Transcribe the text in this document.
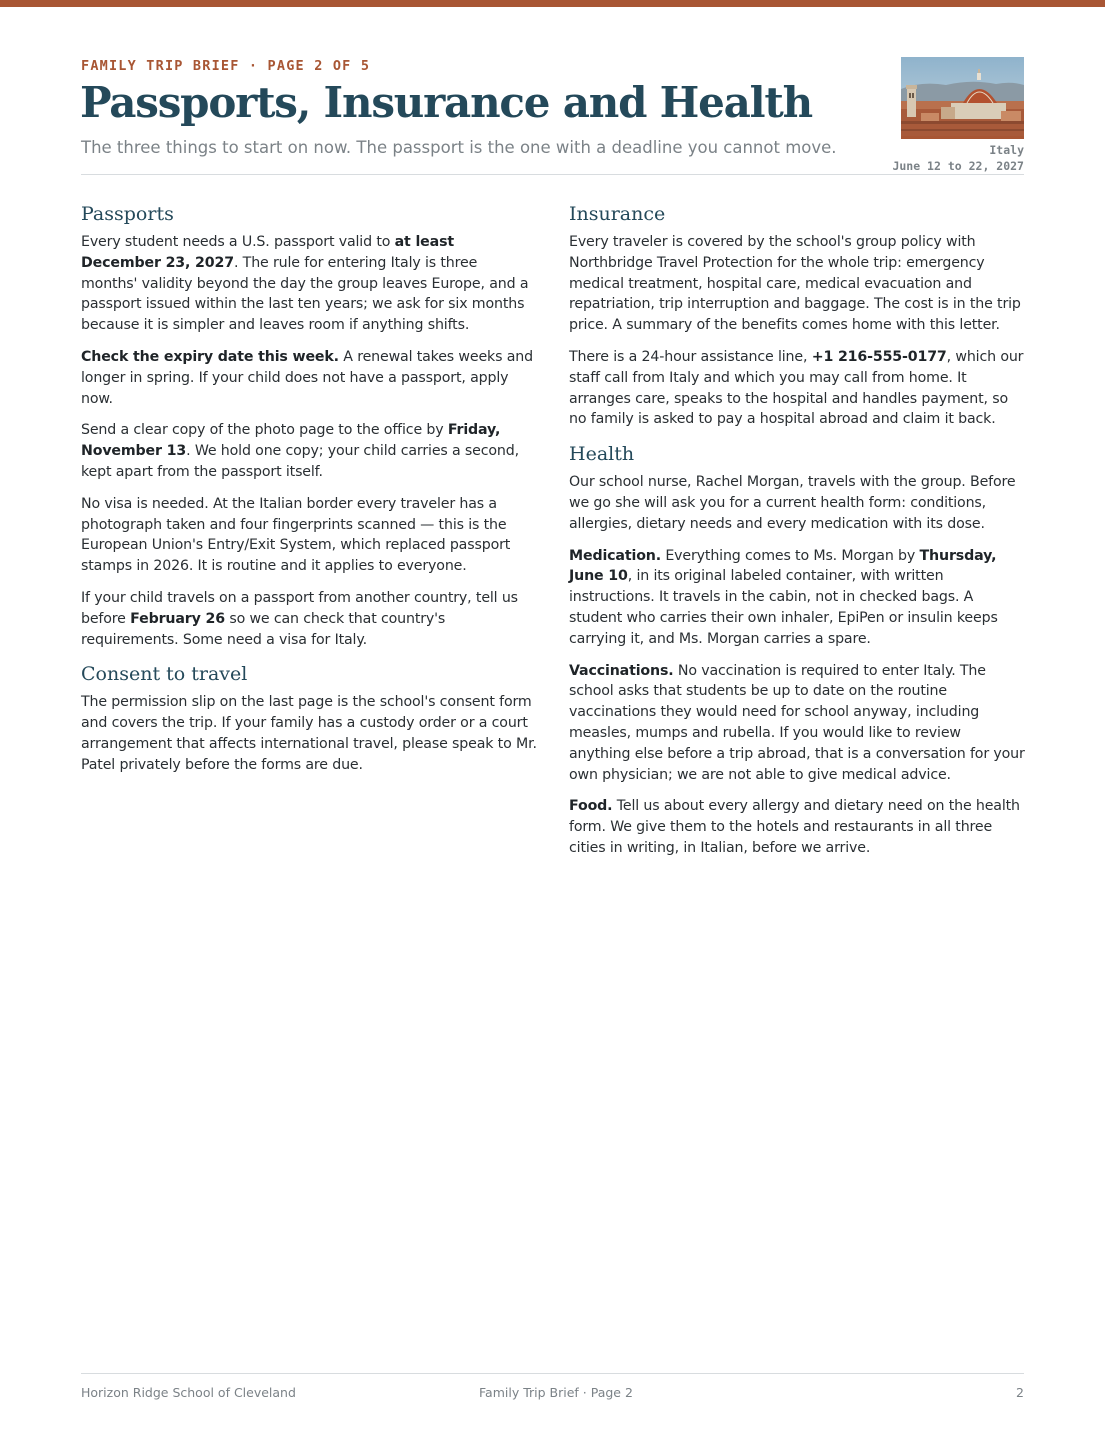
FAMILY TRIP BRIEF · PAGE 2 OF 5
Passports, Insurance and Health
The three things to start on now. The passport is the one with a deadline you cannot move.	Italy
June 12 to 22, 2027
Passports

Every student needs a U.S. passport valid to at least December 23, 2027. The rule for entering Italy is three months' validity beyond the day the group leaves Europe, and a passport issued within the last ten years; we ask for six months because it is simpler and leaves room if anything shifts.

Check the expiry date this week. A renewal takes weeks and longer in spring. If your child does not have a passport, apply now.

Send a clear copy of the photo page to the office by Friday, November 13. We hold one copy; your child carries a second, kept apart from the passport itself.

No visa is needed. At the Italian border every traveler has a photograph taken and four fingerprints scanned — this is the European Union's Entry/Exit System, which replaced passport stamps in 2026. It is routine and it applies to everyone.

If your child travels on a passport from another country, tell us before February 26 so we can check that country's requirements. Some need a visa for Italy.

Consent to travel

The permission slip on the last page is the school's consent form and covers the trip. If your family has a custody order or a court arrangement that affects international travel, please speak to Mr. Patel privately before the forms are due.

Insurance

Every traveler is covered by the school's group policy with Northbridge Travel Protection for the whole trip: emergency medical treatment, hospital care, medical evacuation and repatriation, trip interruption and baggage. The cost is in the trip price. A summary of the benefits comes home with this letter.

There is a 24-hour assistance line, +1 216-555-0177, which our staff call from Italy and which you may call from home. It arranges care, speaks to the hospital and handles payment, so no family is asked to pay a hospital abroad and claim it back.

Health

Our school nurse, Rachel Morgan, travels with the group. Before we go she will ask you for a current health form: conditions, allergies, dietary needs and every medication with its dose.

Medication. Everything comes to Ms. Morgan by Thursday, June 10, in its original labeled container, with written instructions. It travels in the cabin, not in checked bags. A student who carries their own inhaler, EpiPen or insulin keeps carrying it, and Ms. Morgan carries a spare.

Vaccinations. No vaccination is required to enter Italy. The school asks that students be up to date on the routine vaccinations they would need for school anyway, including measles, mumps and rubella. If you would like to review anything else before a trip abroad, that is a conversation for your own physician; we are not able to give medical advice.

Food. Tell us about every allergy and dietary need on the health form. We give them to the hotels and restaurants in all three cities in writing, in Italian, before we arrive.

Horizon Ridge School of Cleveland	Family Trip Brief · Page 2	2
